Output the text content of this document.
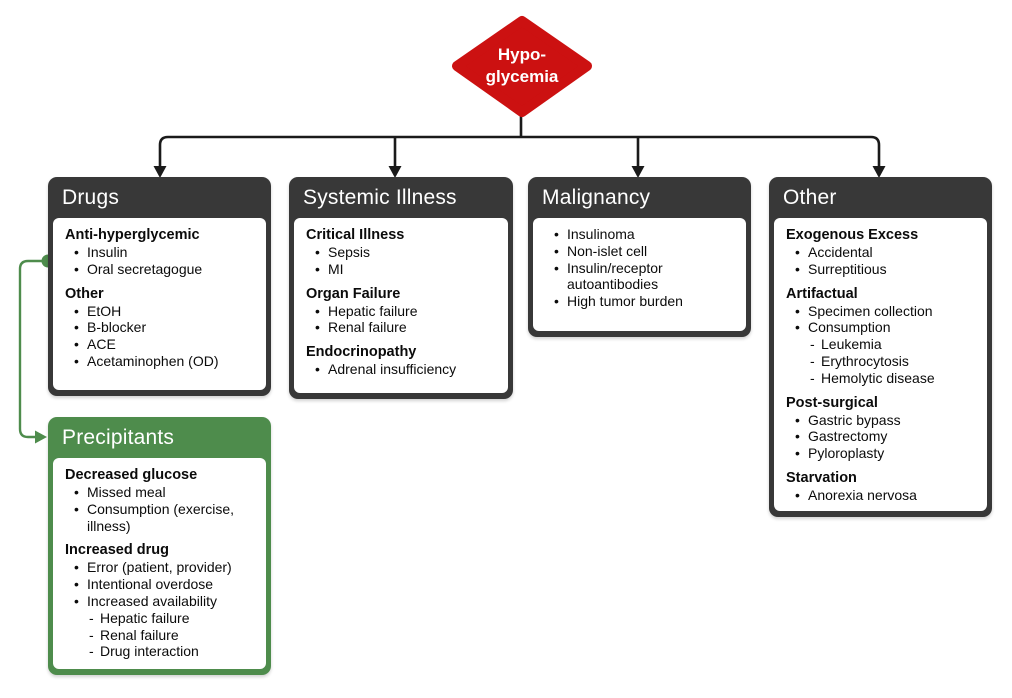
Hypo-
glycemia
Drugs
Anti-hyperglycemic
• Insulin
• Oral secretagogue
Other
• EtOH
• B-blocker
• ACE
• Acetaminophen (OD)
Systemic Illness
Critical Illness
• Sepsis
• MI
Organ Failure
• Hepatic failure
• Renal failure
Endocrinopathy
• Adrenal insufficiency
Malignancy
• Insulinoma
• Non-islet cell
• Insulin/receptor autoantibodies
• High tumor burden
Other
Exogenous Excess
• Accidental
• Surreptitious
Artifactual
• Specimen collection
• Consumption
- Leukemia
- Erythrocytosis
- Hemolytic disease
Post-surgical
• Gastric bypass
• Gastrectomy
• Pyloroplasty
Starvation
• Anorexia nervosa
Precipitants
Decreased glucose
• Missed meal
• Consumption (exercise, illness)
Increased drug
• Error (patient, provider)
• Intentional overdose
• Increased availability
- Hepatic failure
- Renal failure
- Drug interaction
